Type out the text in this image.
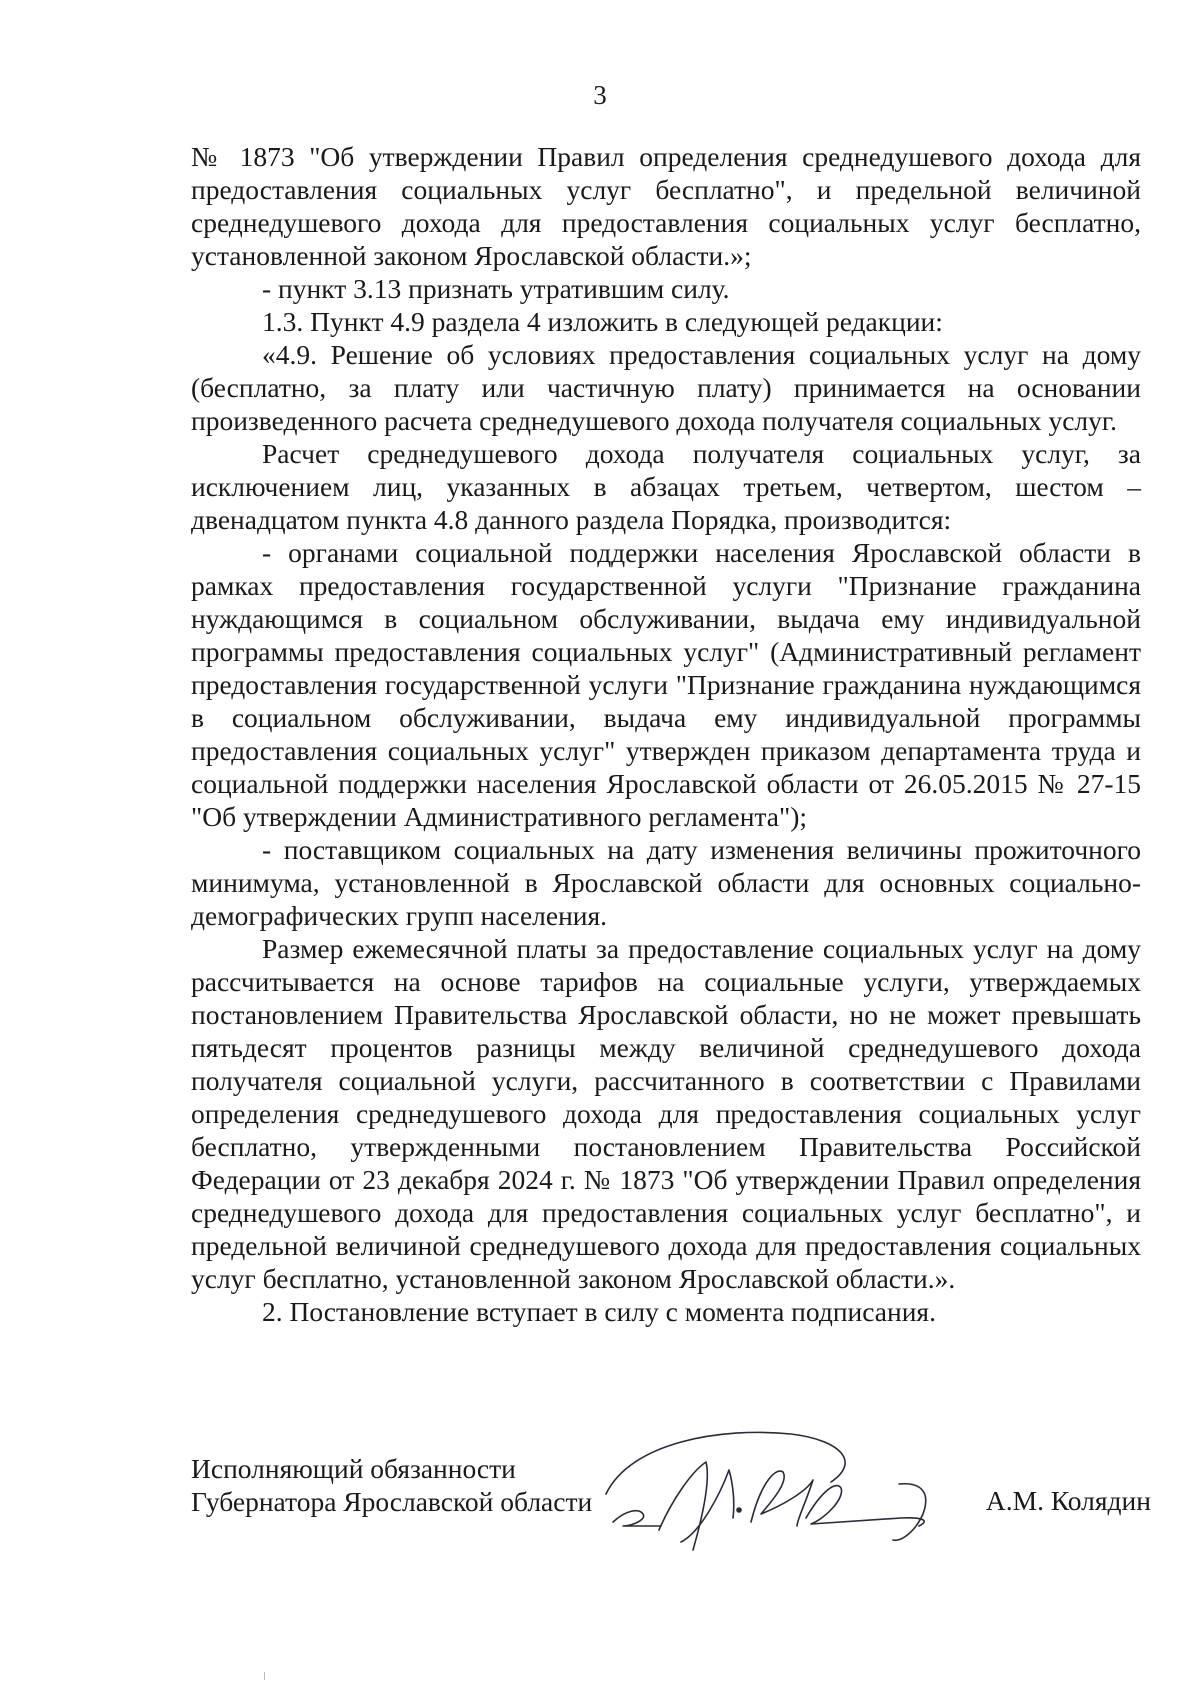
3

№ 1873 "Об утверждении Правил определения среднедушевого дохода для предоставления социальных услуг бесплатно", и предельной величиной среднедушевого дохода для предоставления социальных услуг бесплатно, установленной законом Ярославской области.»;

- пункт 3.13 признать утратившим силу.

1.3. Пункт 4.9 раздела 4 изложить в следующей редакции:

«4.9. Решение об условиях предоставления социальных услуг на дому (бесплатно, за плату или частичную плату) принимается на основании произведенного расчета среднедушевого дохода получателя социальных услуг.

Расчет среднедушевого дохода получателя социальных услуг, за исключением лиц, указанных в абзацах третьем, четвертом, шестом – двенадцатом пункта 4.8 данного раздела Порядка, производится:

- органами социальной поддержки населения Ярославской области в рамках предоставления государственной услуги "Признание гражданина нуждающимся в социальном обслуживании, выдача ему индивидуальной программы предоставления социальных услуг" (Административный регламент предоставления государственной услуги "Признание гражданина нуждающимся в социальном обслуживании, выдача ему индивидуальной программы предоставления социальных услуг" утвержден приказом департамента труда и социальной поддержки населения Ярославской области от 26.05.2015 № 27-15 "Об утверждении Административного регламента");

- поставщиком социальных на дату изменения величины прожиточного минимума, установленной в Ярославской области для основных социально-демографических групп населения.

Размер ежемесячной платы за предоставление социальных услуг на дому рассчитывается на основе тарифов на социальные услуги, утверждаемых постановлением Правительства Ярославской области, но не может превышать пятьдесят процентов разницы между величиной среднедушевого дохода получателя социальной услуги, рассчитанного в соответствии с Правилами определения среднедушевого дохода для предоставления социальных услуг бесплатно, утвержденными постановлением Правительства Российской Федерации от 23 декабря 2024 г. № 1873 "Об утверждении Правил определения среднедушевого дохода для предоставления социальных услуг бесплатно", и предельной величиной среднедушевого дохода для предоставления социальных услуг бесплатно, установленной законом Ярославской области.».

2. Постановление вступает в силу с момента подписания.

Исполняющий обязанности
Губернатора Ярославской области	А.М. Колядин
